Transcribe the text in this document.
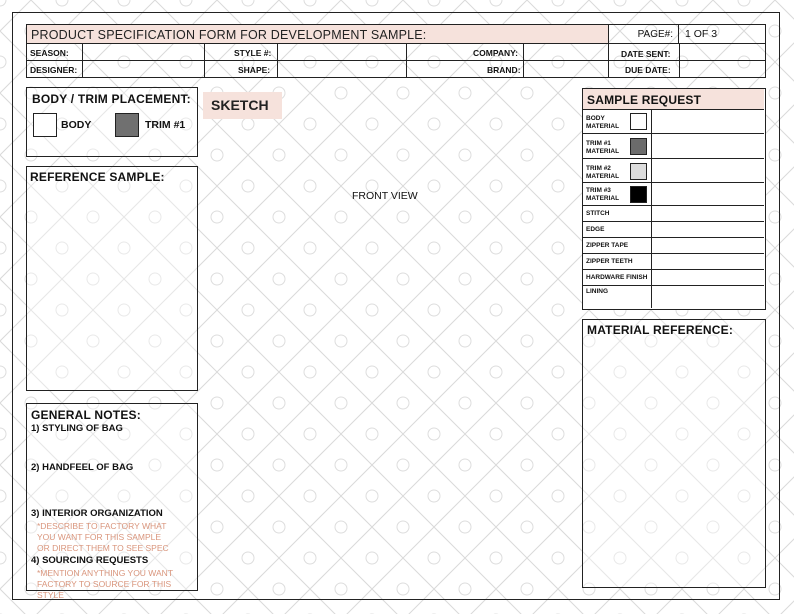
PRODUCT SPECIFICATION FORM FOR DEVELOPMENT SAMPLE:	PAGE#: 1 OF 3
SEASON:	STYLE #:	COMPANY:	DATE SENT:
DESIGNER:	SHAPE:	BRAND:	DUE DATE:
BODY / TRIM PLACEMENT:
BODY	TRIM #1
SKETCH
FRONT VIEW
REFERENCE SAMPLE:
GENERAL NOTES:
1) STYLING OF BAG
2) HANDFEEL OF BAG
3) INTERIOR ORGANIZATION
*DESCRIBE TO FACTORY WHAT
YOU WANT FOR THIS SAMPLE
OR DIRECT THEM TO SEE SPEC
4) SOURCING REQUESTS
*MENTION ANYTHING YOU WANT
FACTORY TO SOURCE FOR THIS STYLE
SAMPLE REQUEST
BODY
MATERIAL
TRIM #1
MATERIAL
TRIM #2
MATERIAL
TRIM #3
MATERIAL
STITCH
EDGE
ZIPPER TAPE
ZIPPER TEETH
HARDWARE FINISH
LINING
MATERIAL REFERENCE:
